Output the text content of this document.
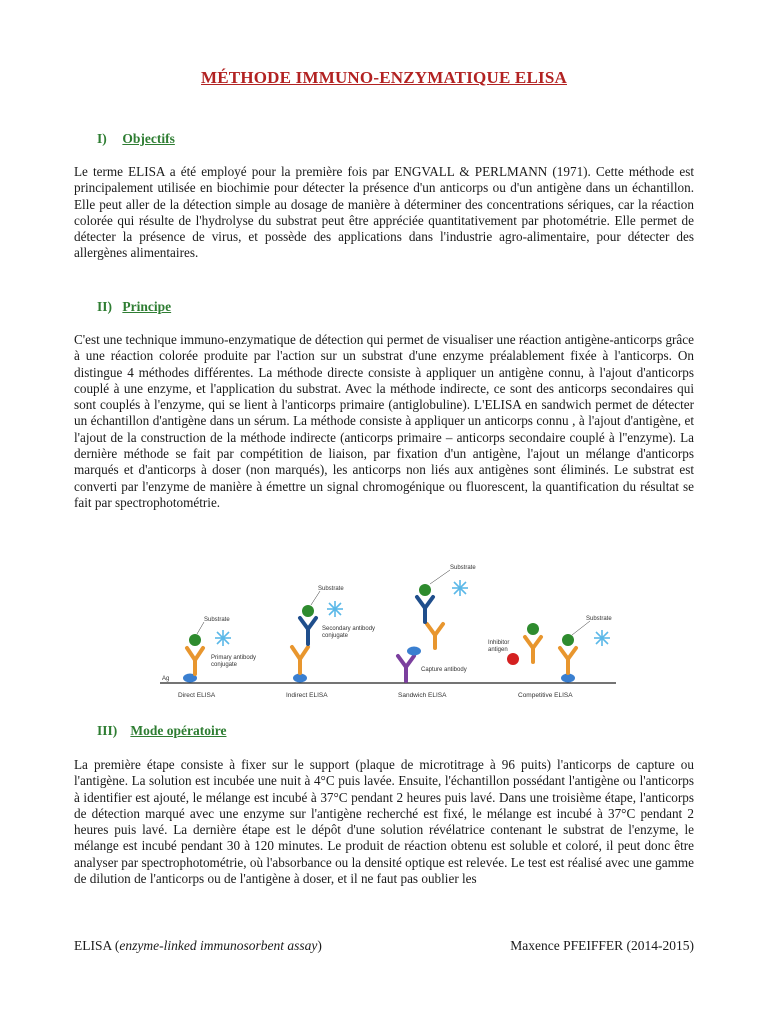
MÉTHODE IMMUNO-ENZYMATIQUE ELISA
I) Objectifs
Le terme ELISA a été employé pour la première fois par ENGVALL & PERLMANN (1971). Cette méthode est principalement utilisée en biochimie pour détecter la présence d'un anticorps ou d'un antigène dans un échantillon. Elle peut aller de la détection simple au dosage de manière à déterminer des concentrations sériques, car la réaction colorée qui résulte de l'hydrolyse du substrat peut être appréciée quantitativement par photométrie. Elle permet de détecter la présence de virus, et possède des applications dans l'industrie agro-alimentaire, pour détecter des allergènes alimentaires.
II) Principe
C'est une technique immuno-enzymatique de détection qui permet de visualiser une réaction antigène-anticorps grâce à une réaction colorée produite par l'action sur un substrat d'une enzyme préalablement fixée à l'anticorps. On distingue 4 méthodes différentes. La méthode directe consiste à appliquer un antigène connu, à l'ajout d'anticorps couplé à une enzyme, et l'application du substrat. Avec la méthode indirecte, ce sont des anticorps secondaires qui sont couplés à l'enzyme, qui se lient à l'anticorps primaire (antiglobuline). L'ELISA en sandwich permet de détecter un échantillon d'antigène dans un sérum. La méthode consiste à appliquer un anticorps connu , à l'ajout d'antigène, et l'ajout de la construction de la méthode indirecte (anticorps primaire – anticorps secondaire couplé à l''enzyme). La dernière méthode se fait par compétition de liaison, par fixation d'un antigène, l'ajout un mélange d'anticorps marqués et d'anticorps à doser (non marqués), les anticorps non liés aux antigènes sont éliminés. Le substrat est converti par l'enzyme de manière à émettre un signal chromogénique ou fluorescent, la quantification du résultat se fait par spectrophotométrie.
Substrate
Primary antibody
conjugate
Ag
Direct ELISA
Substrate
Secondary antibody
conjugate
Indirect ELISA
Substrate
Capture antibody
Sandwich ELISA
Substrate
Inhibitor
antigen
Competitive ELISA
III) Mode opératoire
La première étape consiste à fixer sur le support (plaque de microtitrage à 96 puits) l'anticorps de capture ou l'antigène. La solution est incubée une nuit à 4°C puis lavée. Ensuite, l'échantillon possédant l'antigène ou l'anticorps à identifier est ajouté, le mélange est incubé à 37°C pendant 2 heures puis lavé. Dans une troisième étape, l'anticorps de détection marqué avec une enzyme sur l'antigène recherché est fixé, le mélange est incubé à 37°C pendant 2 heures puis lavé. La dernière étape est le dépôt d'une solution révélatrice contenant le substrat de l'enzyme, le mélange est incubé pendant 30 à 120 minutes. Le produit de réaction obtenu est soluble et coloré, il peut donc être analyser par spectrophotométrie, où l'absorbance ou la densité optique est relevée. Le test est réalisé avec une gamme de dilution de l'anticorps ou de l'antigène à doser, et il ne faut pas oublier les
ELISA (enzyme-linked immunosorbent assay)	Maxence PFEIFFER (2014-2015)
